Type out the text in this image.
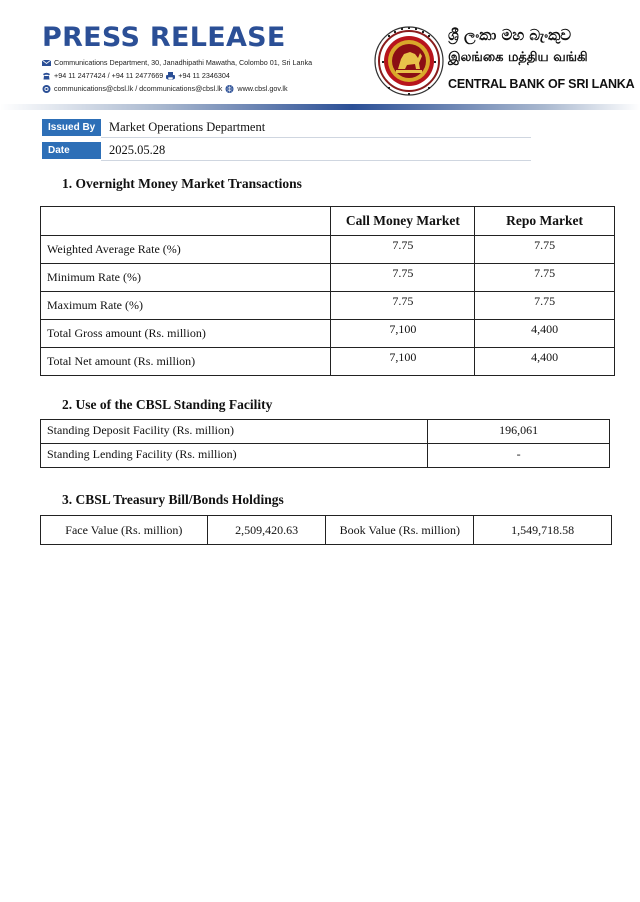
PRESS RELEASE
Communications Department, 30, Janadhipathi Mawatha, Colombo 01, Sri Lanka
+94 11 2477424 / +94 11 2477669 +94 11 2346304
communications@cbsl.lk / dcommunications@cbsl.lk www.cbsl.gov.lk
ශ්‍රී ලංකා මහ බැංකුව
இலங்கை மத்திய வங்கி
CENTRAL BANK OF SRI LANKA
Issued By	Market Operations Department
Date	2025.05.28
1. Overnight Money Market Transactions
	Call Money Market	Repo Market
Weighted Average Rate (%)	7.75	7.75
Minimum Rate (%)	7.75	7.75
Maximum Rate (%)	7.75	7.75
Total Gross amount (Rs. million)	7,100	4,400
Total Net amount (Rs. million)	7,100	4,400
2. Use of the CBSL Standing Facility
Standing Deposit Facility (Rs. million)	196,061
Standing Lending Facility (Rs. million)	-
3. CBSL Treasury Bill/Bonds Holdings
Face Value (Rs. million)	2,509,420.63	Book Value (Rs. million)	1,549,718.58
